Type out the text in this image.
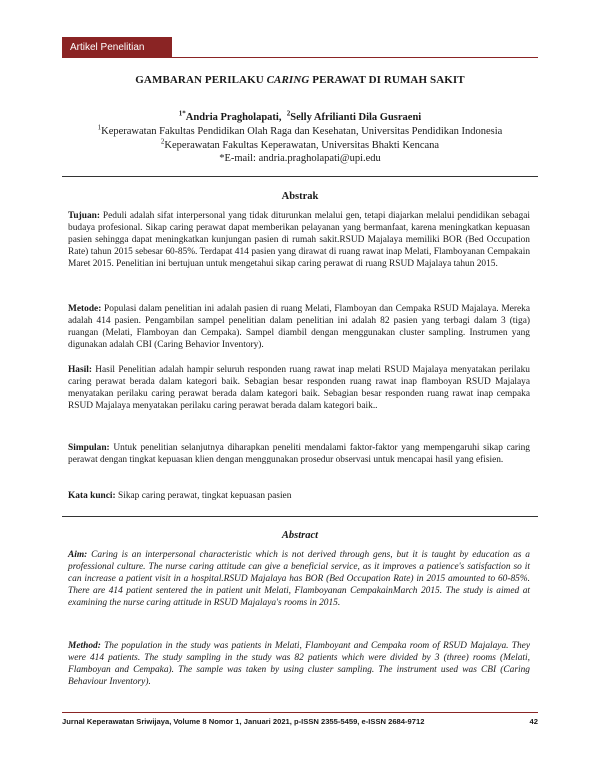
Artikel Penelitian
GAMBARAN PERILAKU CARING PERAWAT DI RUMAH SAKIT
$^{1*}$Andria Pragholapati, $^2$Selly Afrilianti Dila Gusraeni
$^1$Keperawatan Fakultas Pendidikan Olah Raga dan Kesehatan, Universitas Pendidikan Indonesia
$^2$Keperawatan Fakultas Keperawatan, Universitas Bhakti Kencana
*E-mail: andria.pragholapati@upi.edu
Abstrak

Tujuan: Peduli adalah sifat interpersonal yang tidak diturunkan melalui gen, tetapi diajarkan melalui pendidikan sebagai budaya profesional. Sikap caring perawat dapat memberikan pelayanan yang bermanfaat, karena meningkatkan kepuasan pasien sehingga dapat meningkatkan kunjungan pasien di rumah sakit.RSUD Majalaya memiliki BOR (Bed Occupation Rate) tahun 2015 sebesar 60-85%. Terdapat 414 pasien yang dirawat di ruang rawat inap Melati, Flamboyanan Cempakain Maret 2015. Penelitian ini bertujuan untuk mengetahui sikap caring perawat di ruang RSUD Majalaya tahun 2015.

Metode: Populasi dalam penelitian ini adalah pasien di ruang Melati, Flamboyan dan Cempaka RSUD Majalaya. Mereka adalah 414 pasien. Pengambilan sampel penelitian dalam penelitian ini adalah 82 pasien yang terbagi dalam 3 (tiga) ruangan (Melati, Flamboyan dan Cempaka). Sampel diambil dengan menggunakan cluster sampling. Instrumen yang digunakan adalah CBI (Caring Behavior Inventory).

Hasil: Hasil Penelitian adalah hampir seluruh responden ruang rawat inap melati RSUD Majalaya menyatakan perilaku caring perawat berada dalam kategori baik. Sebagian besar responden ruang rawat inap flamboyan RSUD Majalaya menyatakan perilaku caring perawat berada dalam kategori baik. Sebagian besar responden ruang rawat inap cempaka RSUD Majalaya menyatakan perilaku caring perawat berada dalam kategori baik..

Simpulan: Untuk penelitian selanjutnya diharapkan peneliti mendalami faktor-faktor yang mempengaruhi sikap caring perawat dengan tingkat kepuasan klien dengan menggunakan prosedur observasi untuk mencapai hasil yang efisien.

Kata kunci: Sikap caring perawat, tingkat kepuasan pasien

Abstract

Aim: Caring is an interpersonal characteristic which is not derived through gens, but it is taught by education as a professional culture. The nurse caring attitude can give a beneficial service, as it improves a patience's satisfaction so it can increase a patient visit in a hospital.RSUD Majalaya has BOR (Bed Occupation Rate) in 2015 amounted to 60-85%. There are 414 patient sentered the in patient unit Melati, Flamboyanan CempakainMarch 2015. The study is aimed at examining the nurse caring attitude in RSUD Majalaya's rooms in 2015.

Method: The population in the study was patients in Melati, Flamboyant and Cempaka room of RSUD Majalaya. They were 414 patients. The study sampling in the study was 82 patients which were divided by 3 (three) rooms (Melati, Flamboyan and Cempaka). The sample was taken by using cluster sampling. The instrument used was CBI (Caring Behaviour Inventory).

Jurnal Keperawatan Sriwijaya, Volume 8 Nomor 1, Januari 2021, p-ISSN 2355-5459, e-ISSN 2684-9712	42
